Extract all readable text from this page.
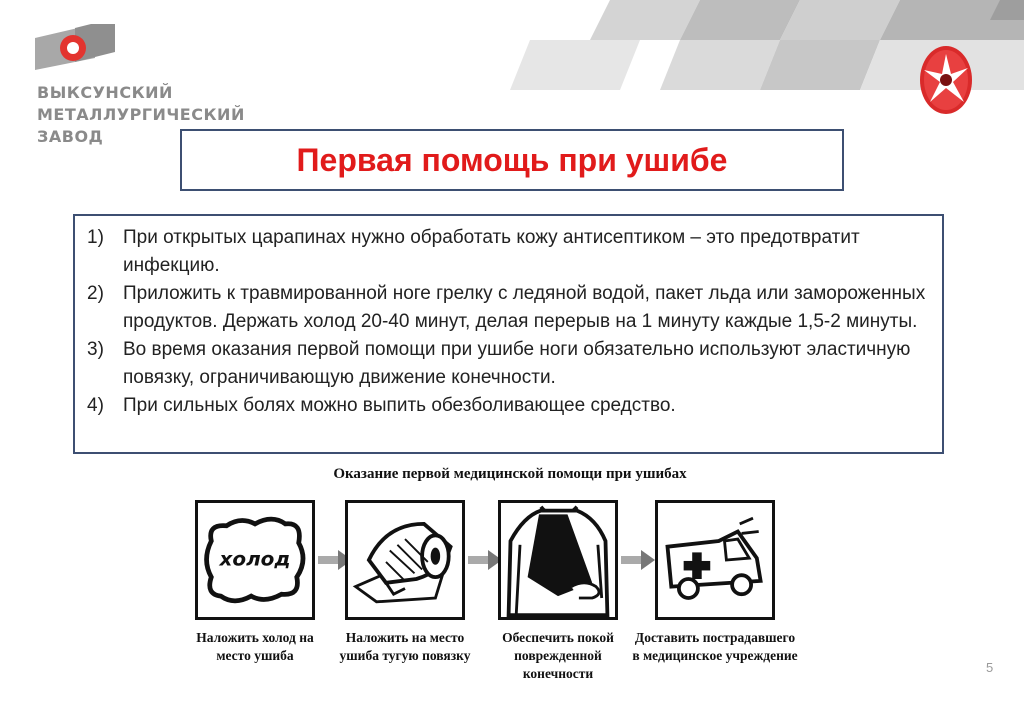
ВЫКСУНСКИЙ
МЕТАЛЛУРГИЧЕСКИЙ
ЗАВОД
Первая помощь при ушибе
1)	При открытых царапинах нужно обработать кожу антисептиком – это предотвратит инфекцию.
2)	Приложить к травмированной ноге грелку с ледяной водой, пакет льда или замороженных продуктов. Держать холод 20-40 минут, делая перерыв на 1 минуту каждые 1,5-2 минуты.
3)	Во время оказания первой помощи при ушибе ноги обязательно используют эластичную повязку, ограничивающую движение конечности.
4)	При сильных болях можно выпить обезболивающее средство.
Оказание первой медицинской помощи при ушибах
холод
Наложить холод на место ушиба
Наложить на место ушиба тугую повязку
Обеспечить покой поврежденной конечности
Доставить пострадавшего в медицинское учреждение
5
